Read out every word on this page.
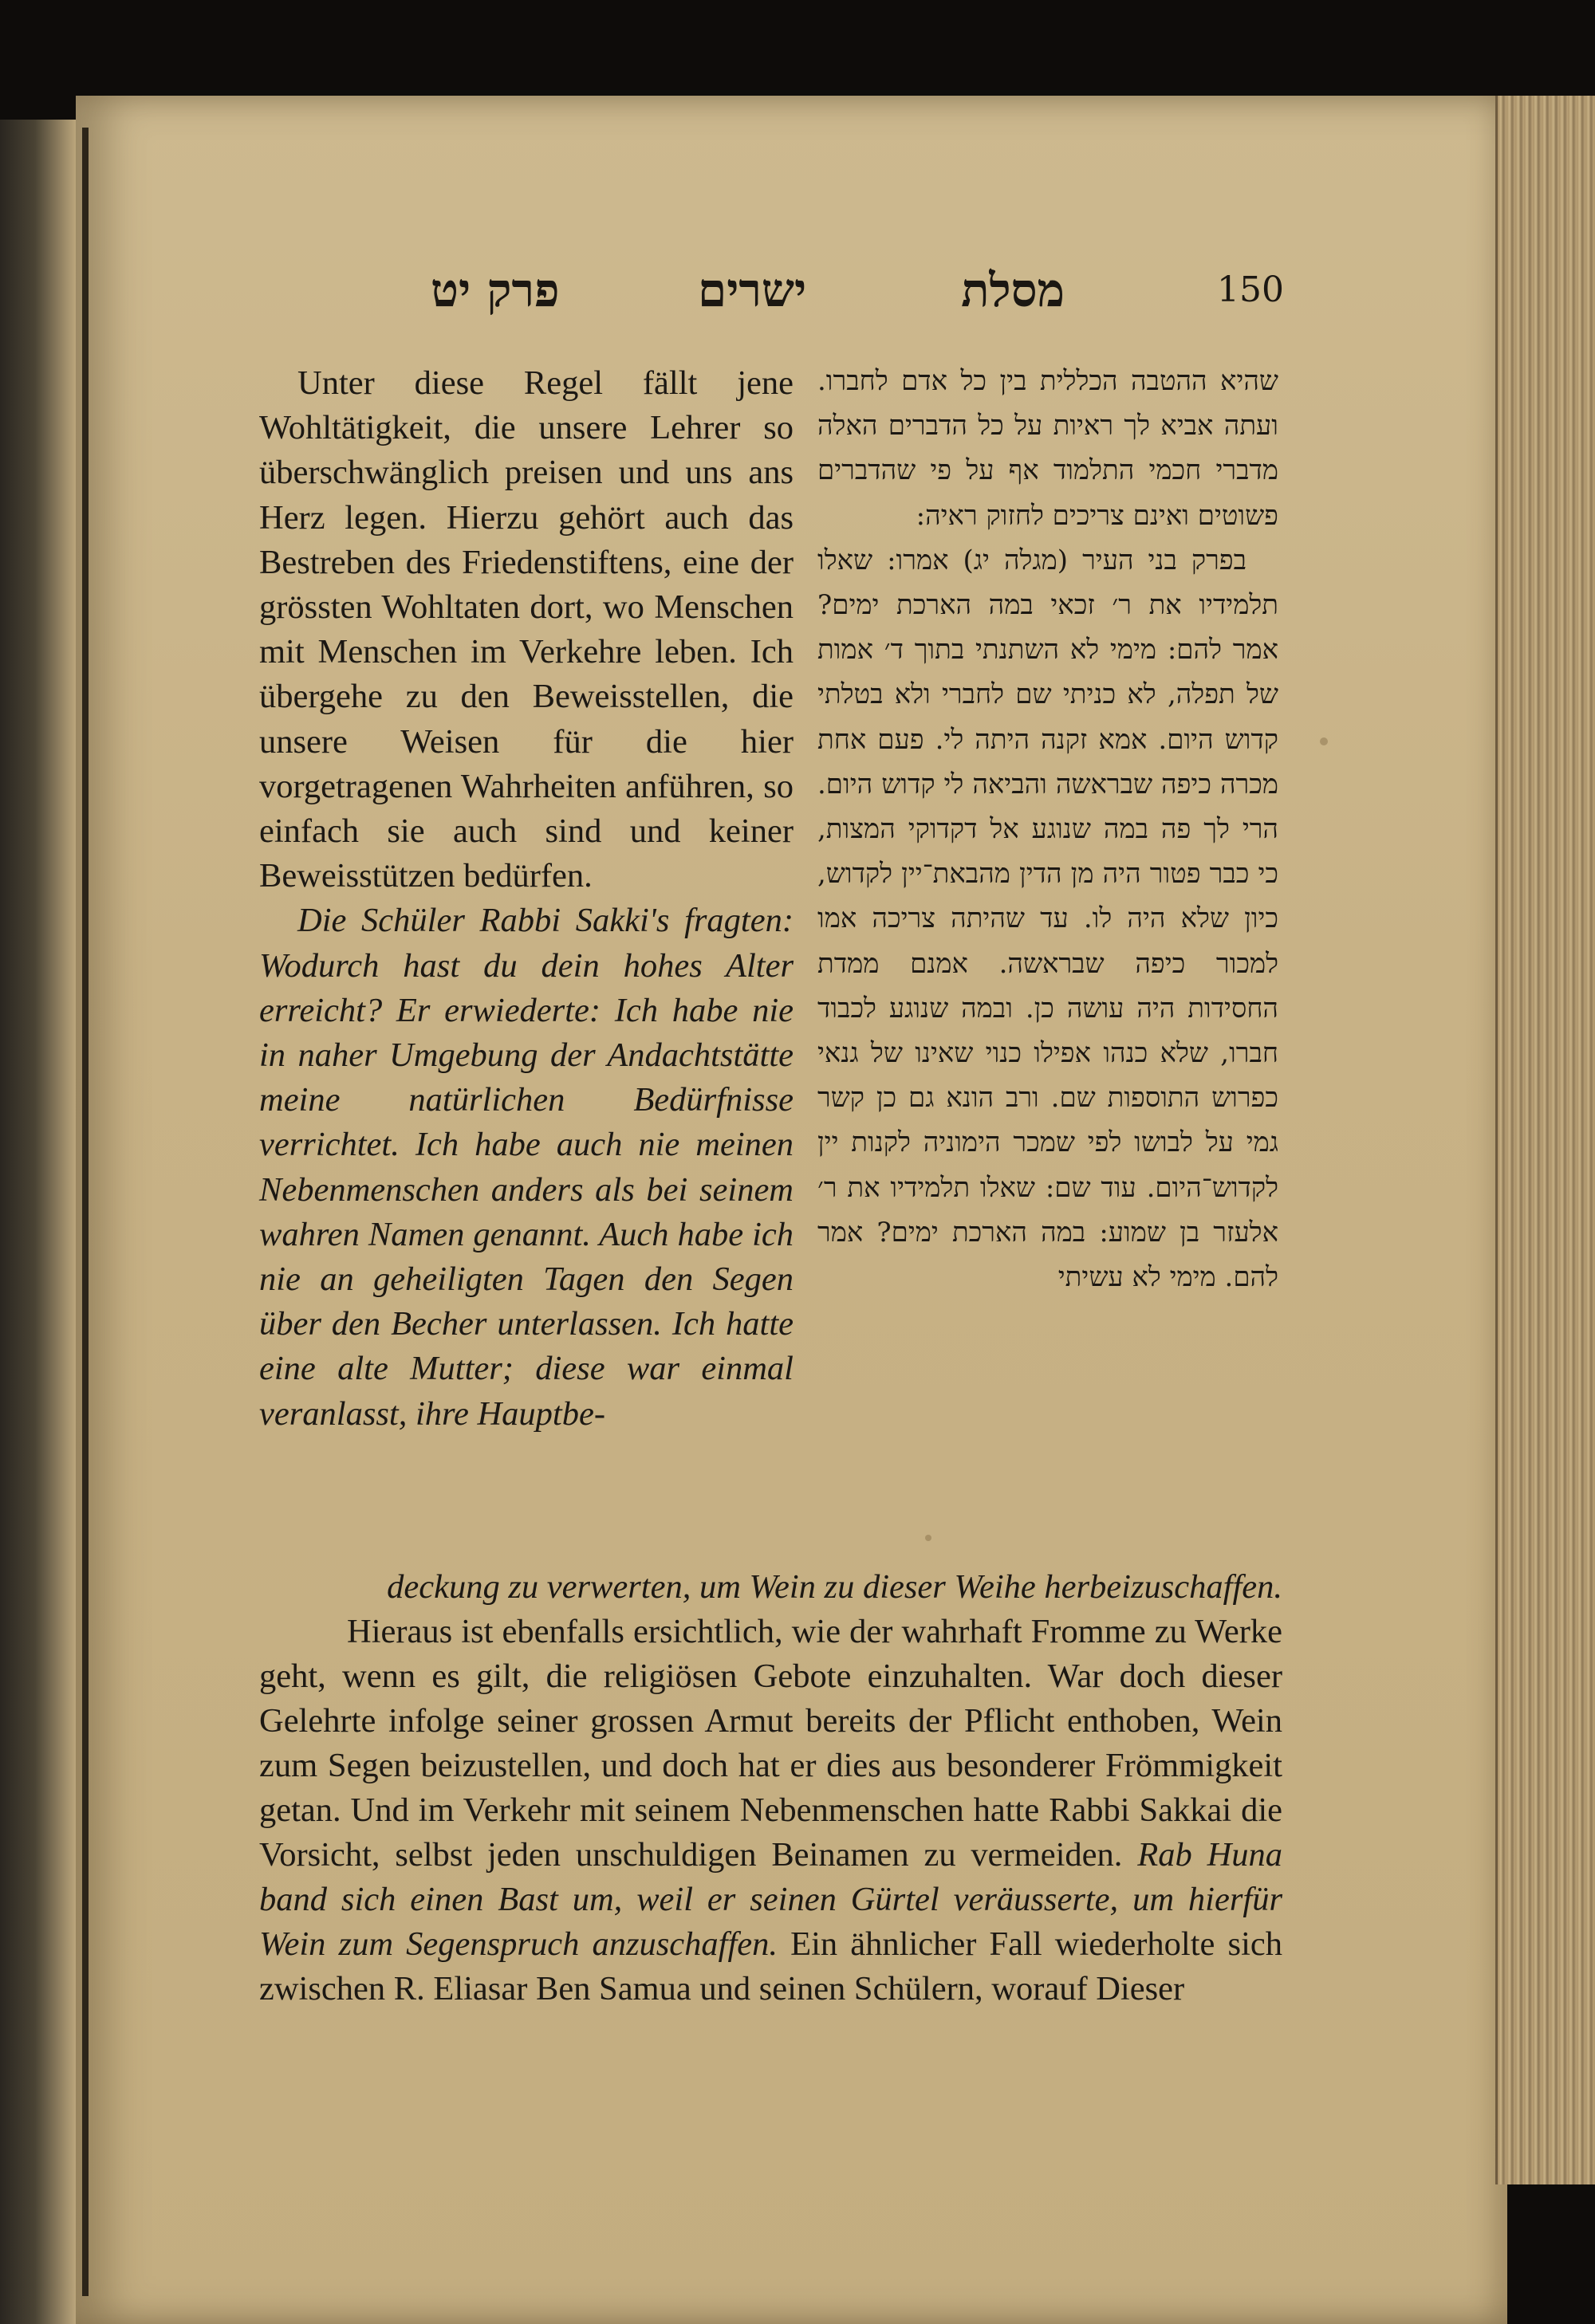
פרק יט	ישרים	מסלת	150

Unter diese Regel fällt jene Wohltätigkeit, die unsere Lehrer so überschwänglich preisen und uns ans Herz legen. Hierzu gehört auch das Bestreben des Friedenstiftens, eine der grössten Wohltaten dort, wo Menschen mit Menschen im Verkehre leben. Ich übergehe zu den Beweisstellen, die unsere Weisen für die hier vorgetragenen Wahrheiten anführen, so einfach sie auch sind und keiner Beweisstützen bedürfen.

Die Schüler Rabbi Sakki's fragten: Wodurch hast du dein hohes Alter erreicht? Er erwiederte: Ich habe nie in naher Umgebung der Andachtstätte meine natürlichen Bedürfnisse verrichtet. Ich habe auch nie meinen Nebenmenschen anders als bei seinem wahren Namen genannt. Auch habe ich nie an geheiligten Tagen den Segen über den Becher unterlassen. Ich hatte eine alte Mutter; diese war einmal veranlasst, ihre Hauptbe-

שהיא ההטבה הכללית בין כל אדם לחברו. ועתה אביא לך ראיות על כל הדברים האלה מדברי חכמי התלמוד אף על פי שהדברים פשוטים ואינם צריכים לחזוק ראיה:

בפרק בני העיר (מגלה יג) אמרו: שאלו תלמידיו את ר׳ זכאי במה הארכת ימים? אמר להם: מימי לא השתנתי בתוך ד׳ אמות של תפלה, לא כניתי שם לחברי ולא בטלתי קדוש היום. אמא זקנה היתה לי. פעם אחת מכרה כיפה שבראשה והביאה לי קדוש היום. הרי לך פה במה שנוגע אל דקדוקי המצות, כי כבר פטור היה מן הדין מהבאת־יין לקדוש, כיון שלא היה לו. עד שהיתה צריכה אמו למכור כיפה שבראשה. אמנם ממדת החסידות היה עושה כן. ובמה שנוגע לכבוד חברו, שלא כנהו אפילו כנוי שאינו של גנאי כפרוש התוספות שם. ורב הונא גם כן קשר גמי על לבושו לפי שמכר הימוניה לקנות יין לקדוש־היום. עוד שם: שאלו תלמידיו את ר׳ אלעזר בן שמוע: במה הארכת ימים? אמר להם. מימי לא עשיתי

deckung zu verwerten, um Wein zu dieser Weihe herbeizuschaffen.

Hieraus ist ebenfalls ersichtlich, wie der wahrhaft Fromme zu Werke geht, wenn es gilt, die religiösen Gebote einzuhalten. War doch dieser Gelehrte infolge seiner grossen Armut bereits der Pflicht enthoben, Wein zum Segen beizustellen, und doch hat er dies aus besonderer Frömmigkeit getan. Und im Verkehr mit seinem Nebenmenschen hatte Rabbi Sakkai die Vorsicht, selbst jeden unschuldigen Beinamen zu vermeiden. Rab Huna band sich einen Bast um, weil er seinen Gürtel veräusserte, um hierfür Wein zum Segenspruch anzuschaffen. Ein ähnlicher Fall wiederholte sich zwischen R. Eliasar Ben Samua und seinen Schülern, worauf Dieser
